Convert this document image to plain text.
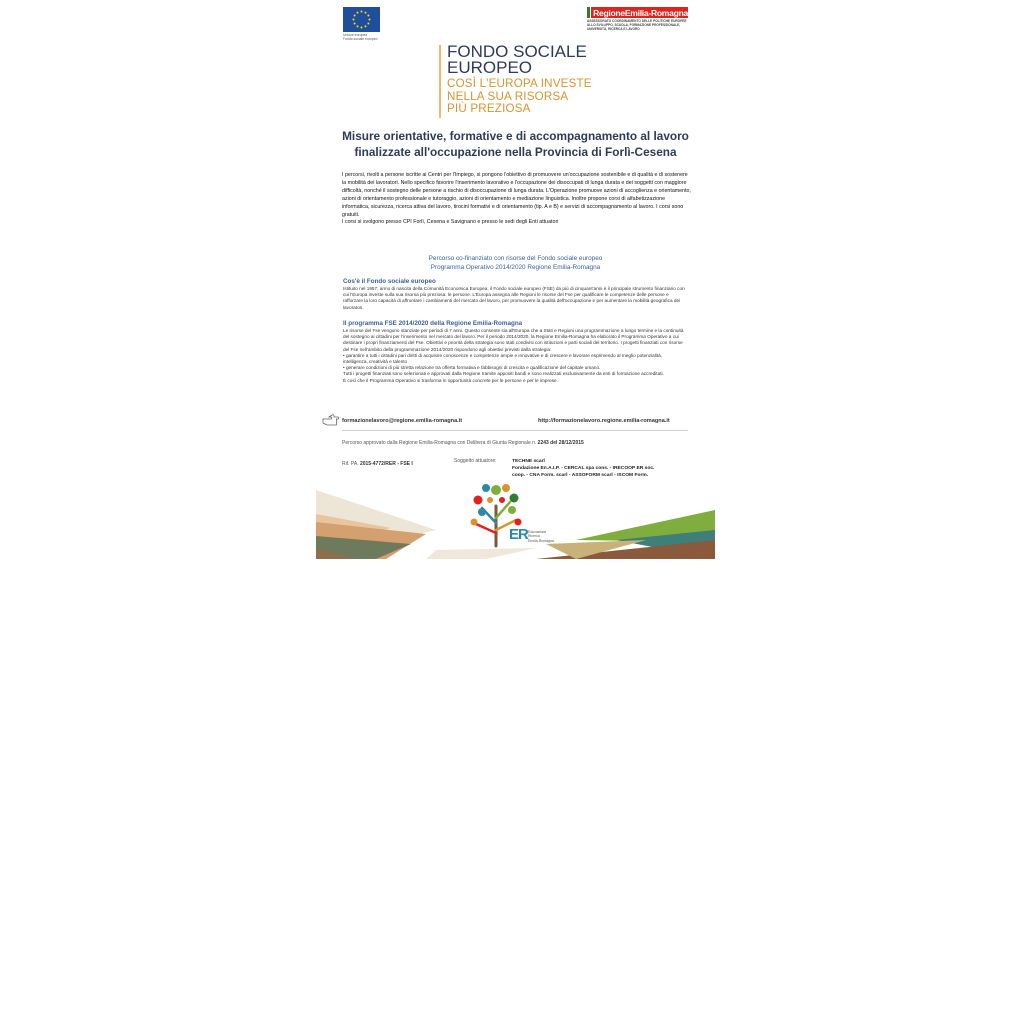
Unione europea
Fondo sociale europeo
RegioneEmilia-Romagna
ASSESSORATO COORDINAMENTO DELLE POLITICHE EUROPEE ALLO SVILUPPO, SCUOLA, FORMAZIONE PROFESSIONALE, UNIVERSITÀ, RICERCA E LAVORO
FONDO SOCIALE
EUROPEO
COSÌ L'EUROPA INVESTE
NELLA SUA RISORSA
PIÙ PREZIOSA
Misure orientative, formative e di accompagnamento al lavoro
finalizzate all'occupazione nella Provincia di Forlì-Cesena
I percorsi, rivolti a persone iscritte ai Centri per l'Impiego, si pongono l'obiettivo di promuovere un'occupazione sostenibile e di qualità e di sostenere la mobilità dei lavoratori. Nello specifico favorire l'inserimento lavorativo e l'occupazione dei disoccupati di lunga durata e dei soggetti con maggiore difficoltà, nonché il sostegno delle persone a rischio di disoccupazione di lunga durata. L'Operazione promuove azioni di accoglienza e orientamento, azioni di orientamento professionale e tutoraggio, azioni di orientamento e mediazione linguistica. Inoltre propone corsi di alfabetizzazione informatica, sicurezza, ricerca attiva del lavoro, tirocini formativi e di orientamento (tip. A e B) e servizi di accompagnamento al lavoro. I corsi sono gratuiti.
I corsi si svolgono presso CPI Forlì, Cesena e Savignano e presso le sedi degli Enti attuatori
Percorso co-finanziato con risorse del Fondo sociale europeo
Programma Operativo 2014/2020 Regione Emilia-Romagna
Cos'è il Fondo sociale europeo
Istituito nel 1957, anno di nascita della Comunità Economica Europea, il Fondo sociale europeo (FSE) da più di cinquant'anni è il principale strumento finanziario con cui l'Europa investe sulla sua risorsa più preziosa: le persone. L'Europa assegna alle Regioni le risorse del Fse per qualificare le competenze delle persone e rafforzare la loro capacità di affrontare i cambiamenti del mercato del lavoro, per promuovere la qualità dell'occupazione e per aumentare la mobilità geografica dei lavoratori.
Il programma FSE 2014/2020 della Regione Emilia-Romagna
Le risorse del Fse vengono stanziate per periodi di 7 anni. Questo consente sia all'Europa che a Stati e Regioni una programmazione a lungo termine e la continuità del sostegno ai cittadini per l'inserimento nel mercato del lavoro. Per il periodo 2014/2020, la Regione Emilia-Romagna ha elaborato il Programma Operativo a cui destinare i propri finanziamenti del Fse. Obiettivi e priorità della strategia sono stati condivisi con istituzioni e parti sociali del territorio. I progetti finanziati con risorse del Fse nell'ambito della programmazione 2014/2020 rispondono agli obiettivi previsti dalla strategia:
• garantire a tutti i cittadini pari diritti di acquisire conoscenze e competenze ampie e innovative e di crescere e lavorare esprimendo al meglio potenzialità, intelligenza, creatività e talento
• generare condizioni di più stretta relazione tra offerta formativa e fabbisogni di crescita e qualificazione del capitale umano.
Tutti i progetti finanziati sono selezionati e approvati dalla Regione tramite appositi bandi e sono realizzati esclusivamente da enti di formazione accreditati.
È così che il Programma Operativo si trasforma in opportunità concrete per le persone e per le imprese.
formazionelavoro@regione.emilia-romagna.it	http://formazionelavoro.regione.emilia-romagna.it
Percorso approvato dalla Regione Emilia-Romagna con Delibera di Giunta Regionale n. 2243 del 28/12/2015
Rif. PA. 2015-4772/RER - FSE I	Soggetto attuatore:	TECHNE scarl
Fondazione En.A.I.P. - CERCAL spa cons. - IRECOOP ER soc.
coop. - CNA Form. scarl - ASSOFORM scarl - ISCOM Form.
ER Educazione
Ricerca
Emilia-Romagna
